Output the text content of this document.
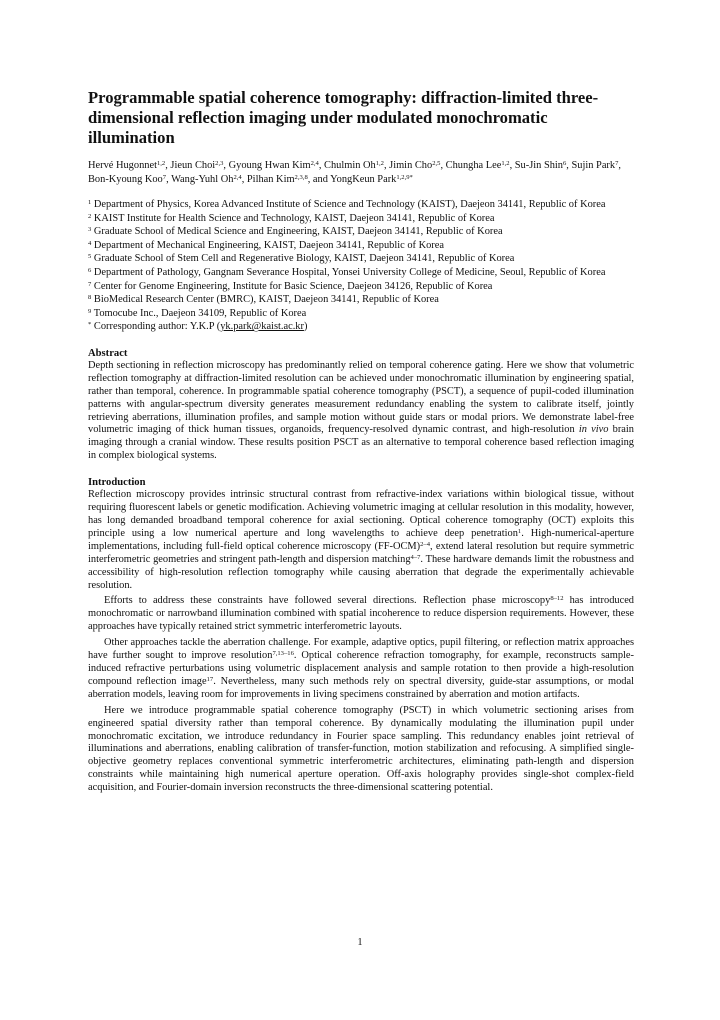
Programmable spatial coherence tomography: diffraction-limited three-dimensional reflection imaging under modulated monochromatic illumination

Hervé Hugonnet$^{1,2}$, Jieun Choi$^{2,3}$, Gyoung Hwan Kim$^{2,4}$, Chulmin Oh$^{1,2}$, Jimin Cho$^{2,5}$, Chungha Lee$^{1,2}$, Su-Jin Shin$^6$, Sujin Park$^7$, Bon-Kyoung Koo$^7$, Wang-Yuhl Oh$^{2,4}$, Pilhan Kim$^{2,3,8}$, and YongKeun Park$^{1,2,9*}$

$^1$ Department of Physics, Korea Advanced Institute of Science and Technology (KAIST), Daejeon 34141, Republic of Korea

$^2$ KAIST Institute for Health Science and Technology, KAIST, Daejeon 34141, Republic of Korea

$^3$ Graduate School of Medical Science and Engineering, KAIST, Daejeon 34141, Republic of Korea

$^4$ Department of Mechanical Engineering, KAIST, Daejeon 34141, Republic of Korea

$^5$ Graduate School of Stem Cell and Regenerative Biology, KAIST, Daejeon 34141, Republic of Korea

$^6$ Department of Pathology, Gangnam Severance Hospital, Yonsei University College of Medicine, Seoul, Republic of Korea

$^7$ Center for Genome Engineering, Institute for Basic Science, Daejeon 34126, Republic of Korea

$^8$ BioMedical Research Center (BMRC), KAIST, Daejeon 34141, Republic of Korea

$^9$ Tomocube Inc., Daejeon 34109, Republic of Korea

* Corresponding author: Y.K.P (yk.park@kaist.ac.kr)

Abstract

Depth sectioning in reflection microscopy has predominantly relied on temporal coherence gating. Here we show that volumetric reflection tomography at diffraction-limited resolution can be achieved under monochromatic illumination by engineering spatial, rather than temporal, coherence. In programmable spatial coherence tomography (PSCT), a sequence of pupil-coded illumination patterns with angular-spectrum diversity generates measurement redundancy enabling the system to calibrate itself, jointly retrieving aberrations, illumination profiles, and sample motion without guide stars or modal priors. We demonstrate label-free volumetric imaging of thick human tissues, organoids, frequency-resolved dynamic contrast, and high-resolution in vivo brain imaging through a cranial window. These results position PSCT as an alternative to temporal coherence based reflection imaging in complex biological systems.

Introduction

Reflection microscopy provides intrinsic structural contrast from refractive-index variations within biological tissue, without requiring fluorescent labels or genetic modification. Achieving volumetric imaging at cellular resolution in this modality, however, has long demanded broadband temporal coherence for axial sectioning. Optical coherence tomography (OCT) exploits this principle using a low numerical aperture and long wavelengths to achieve deep penetration$^1$. High-numerical-aperture implementations, including full-field optical coherence microscopy $(FF-OCM)^{2-4}$, extend lateral resolution but require symmetric interferometric geometries and stringent path-length and dispersion matching$^{4-7}$. These hardware demands limit the robustness and accessibility of high-resolution reflection tomography while causing aberration that degrade the experimentally achievable resolution.

Efforts to address these constraints have followed several directions. Reflection phase microscopy$^{8-12}$ has introduced monochromatic or narrowband illumination combined with spatial incoherence to reduce dispersion requirements. However, these approaches have typically retained strict symmetric interferometric layouts.

Other approaches tackle the aberration challenge. For example, adaptive optics, pupil filtering, or reflection matrix approaches have further sought to improve resolution$^{7,13-16}$. Optical coherence refraction tomography, for example, reconstructs sample-induced refractive perturbations using volumetric displacement analysis and sample rotation to then provide a high-resolution compound reflection image$^{17}$. Nevertheless, many such methods rely on spectral diversity, guide-star assumptions, or modal aberration models, leaving room for improvements in living specimens constrained by aberration and motion artifacts.

Here we introduce programmable spatial coherence tomography (PSCT) in which volumetric sectioning arises from engineered spatial diversity rather than temporal coherence. By dynamically modulating the illumination pupil under monochromatic excitation, we introduce redundancy in Fourier space sampling. This redundancy enables joint retrieval of illuminations and aberrations, enabling calibration of transfer-function, motion stabilization and refocusing. A simplified single-objective geometry replaces conventional symmetric interferometric architectures, eliminating path-length and dispersion constraints while maintaining high numerical aperture operation. Off-axis holography provides single-shot complex-field acquisition, and Fourier-domain inversion reconstructs the three-dimensional scattering potential.

1
